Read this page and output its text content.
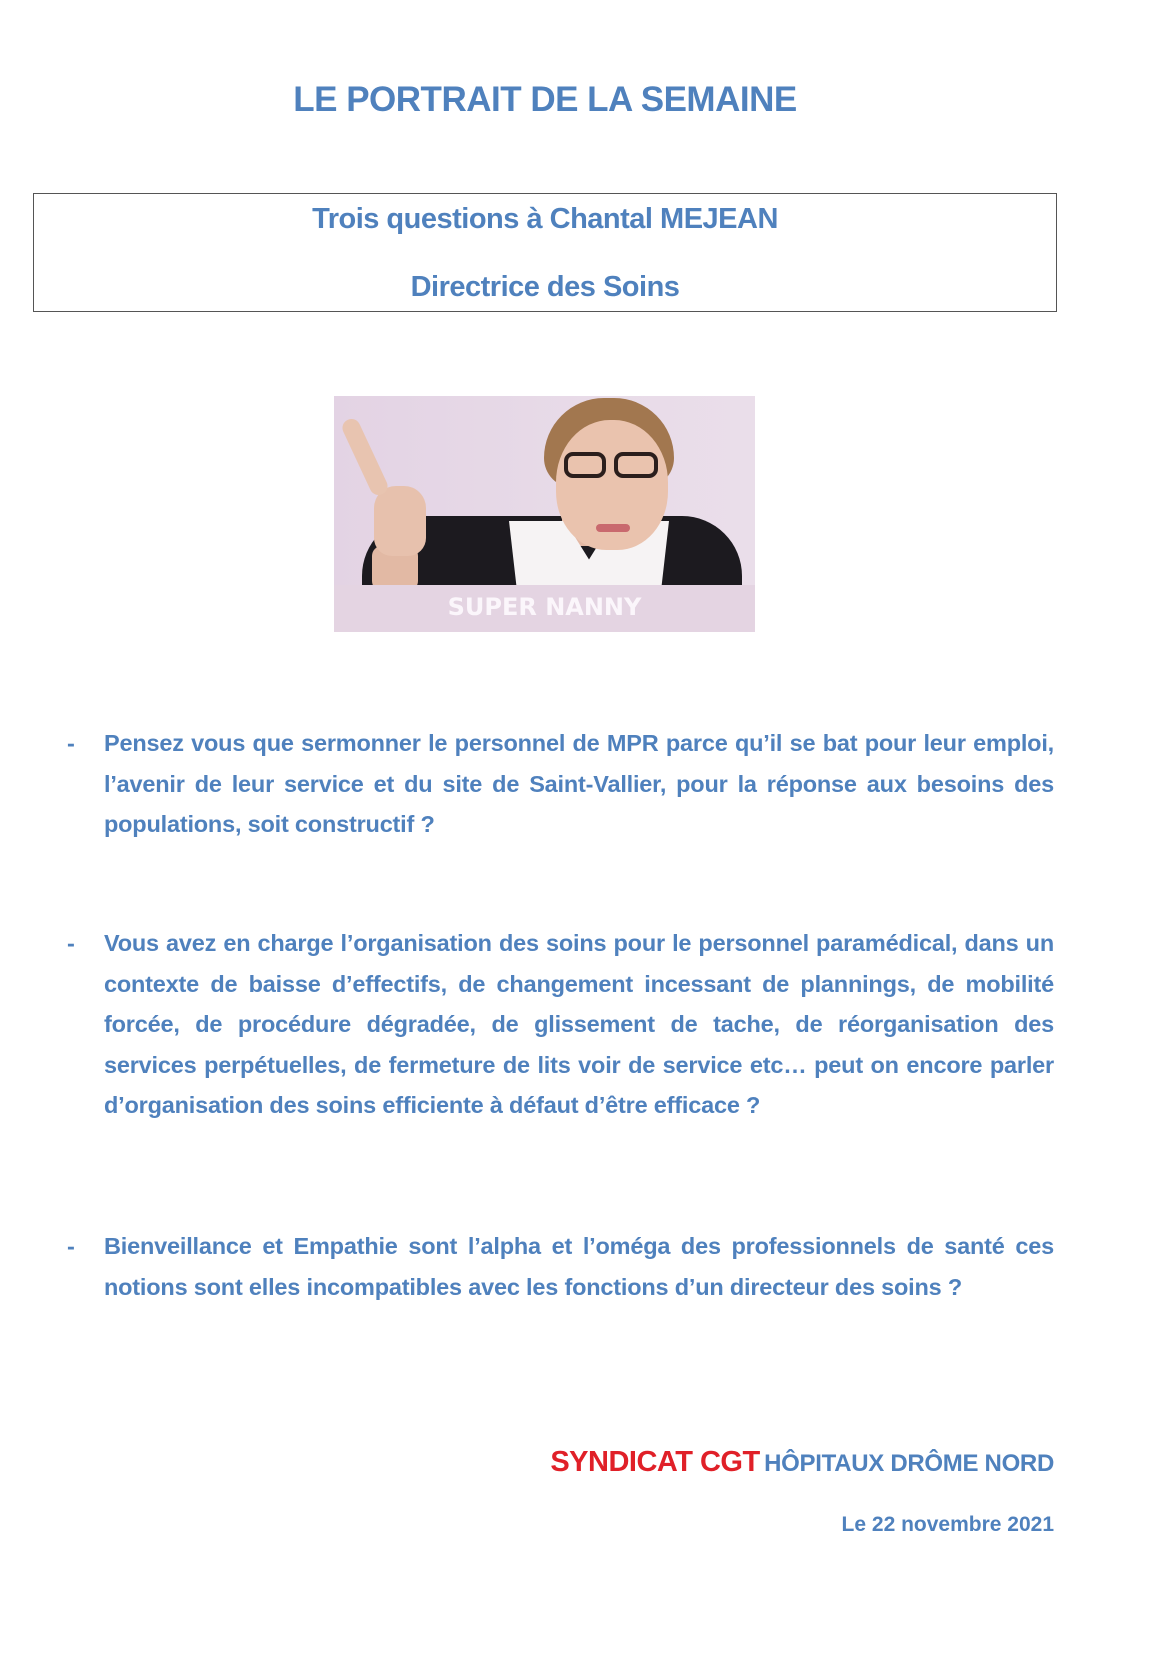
LE PORTRAIT DE LA SEMAINE
Trois questions à Chantal MEJEAN
Directrice des Soins
SUPER NANNY
- Pensez vous que sermonner le personnel de MPR parce qu’il se bat pour leur emploi, l’avenir de leur service et du site de Saint-Vallier, pour la réponse aux besoins des populations, soit constructif ?
- Vous avez en charge l’organisation des soins pour le personnel paramédical, dans un contexte de baisse d’effectifs, de changement incessant de plannings, de mobilité forcée, de procédure dégradée, de glissement de tache, de réorganisation des services perpétuelles, de fermeture de lits voir de service etc… peut on encore parler d’organisation des soins efficiente à défaut d’être efficace ?
- Bienveillance et Empathie sont l’alpha et l’oméga des professionnels de santé ces notions sont elles incompatibles avec les fonctions d’un directeur des soins ?
SYNDICAT CGT HÔPITAUX DRÔME NORD
Le 22 novembre 2021
